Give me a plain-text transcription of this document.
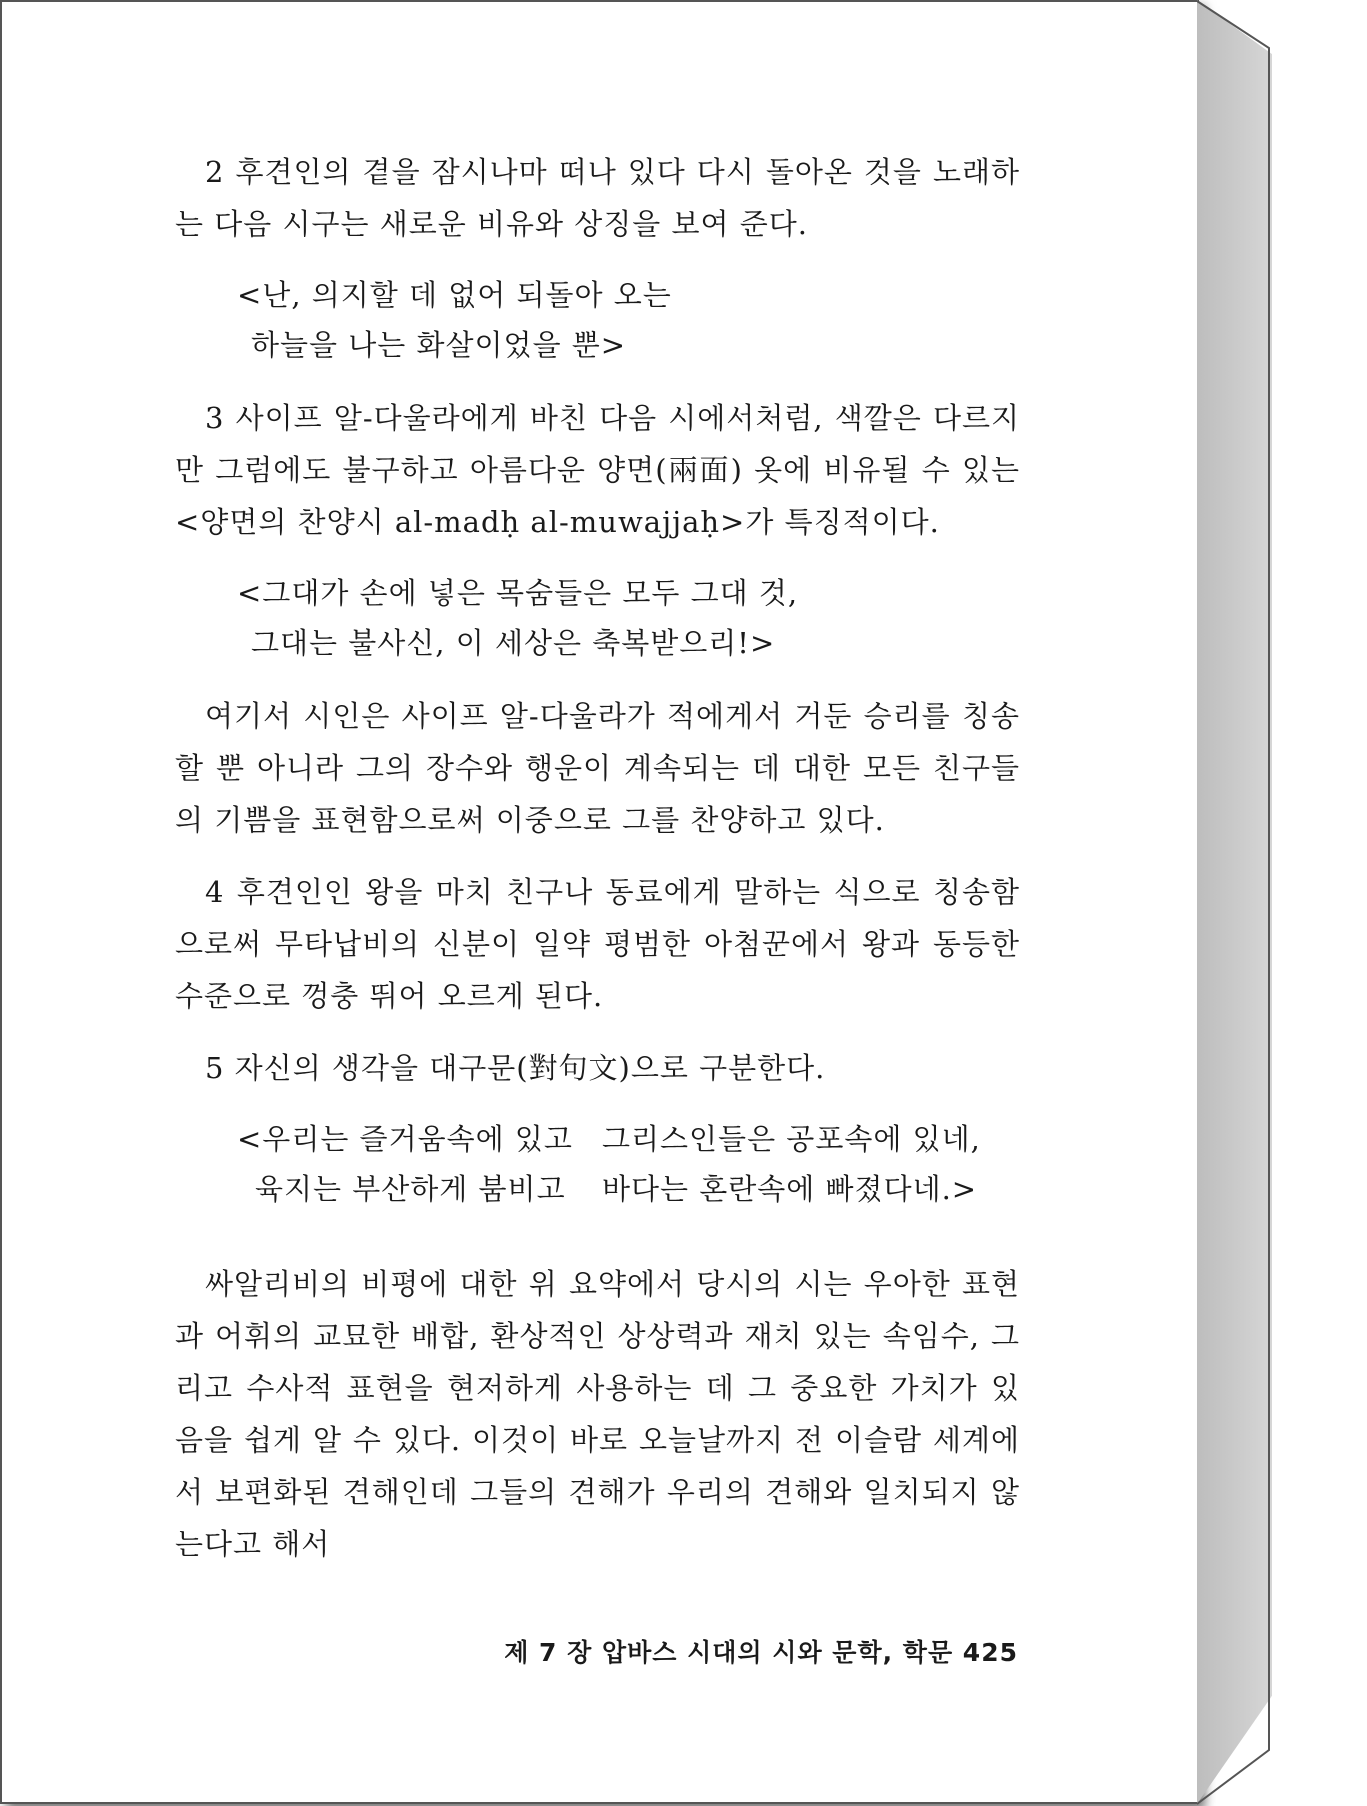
2 후견인의 곁을 잠시나마 떠나 있다 다시 돌아온 것을 노래하는 다음 시구는 새로운 비유와 상징을 보여 준다.

<난, 의지할 데 없어 되돌아 오는
하늘을 나는 화살이었을 뿐>

3 사이프 알-다울라에게 바친 다음 시에서처럼, 색깔은 다르지만 그럼에도 불구하고 아름다운 양면(兩面) 옷에 비유될 수 있는 <양면의 찬양시 al-madḥ al-muwajjaḥ>가 특징적이다.

<그대가 손에 넣은 목숨들은 모두 그대 것,
그대는 불사신, 이 세상은 축복받으리!>

여기서 시인은 사이프 알-다울라가 적에게서 거둔 승리를 칭송할 뿐 아니라 그의 장수와 행운이 계속되는 데 대한 모든 친구들의 기쁨을 표현함으로써 이중으로 그를 찬양하고 있다.

4 후견인인 왕을 마치 친구나 동료에게 말하는 식으로 칭송함으로써 무타납비의 신분이 일약 평범한 아첨꾼에서 왕과 동등한 수준으로 껑충 뛰어 오르게 된다.

5 자신의 생각을 대구문(對句文)으로 구분한다.

<우리는 즐거움속에 있고	그리스인들은 공포속에 있네,
육지는 부산하게 붐비고	바다는 혼란속에 빠졌다네.>

싸알리비의 비평에 대한 위 요약에서 당시의 시는 우아한 표현과 어휘의 교묘한 배합, 환상적인 상상력과 재치 있는 속임수, 그리고 수사적 표현을 현저하게 사용하는 데 그 중요한 가치가 있음을 쉽게 알 수 있다. 이것이 바로 오늘날까지 전 이슬람 세계에서 보편화된 견해인데 그들의 견해가 우리의 견해와 일치되지 않는다고 해서

제 7 장 압바스 시대의 시와 문학, 학문 425
